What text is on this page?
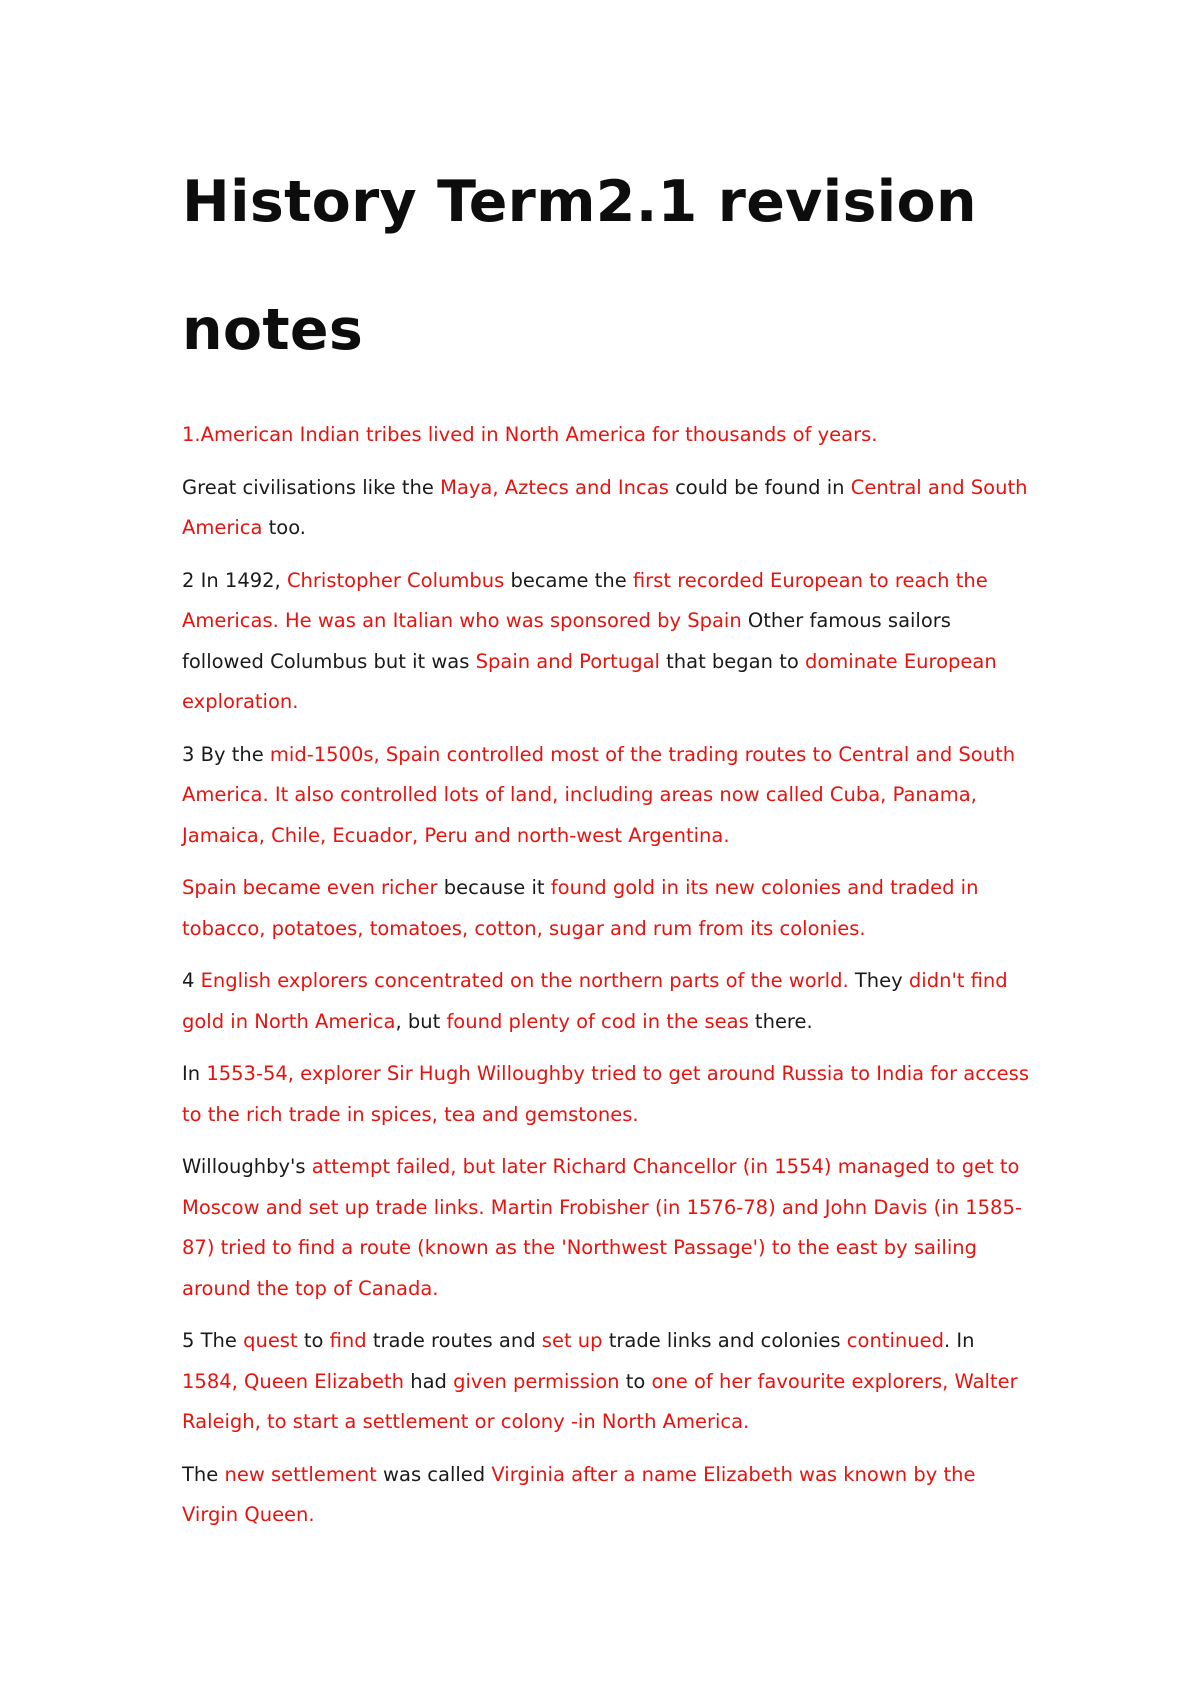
History Term2.1 revision notes

1.American Indian tribes lived in North America for thousands of years.

Great civilisations like the Maya, Aztecs and Incas could be found in Central and South America too.

2 In 1492, Christopher Columbus became the first recorded European to reach the Americas. He was an Italian who was sponsored by Spain Other famous sailors followed Columbus but it was Spain and Portugal that began to dominate European exploration.

3 By the mid-1500s, Spain controlled most of the trading routes to Central and South America. It also controlled lots of land, including areas now called Cuba, Panama, Jamaica, Chile, Ecuador, Peru and north-west Argentina.

Spain became even richer because it found gold in its new colonies and traded in tobacco, potatoes, tomatoes, cotton, sugar and rum from its colonies.

4 English explorers concentrated on the northern parts of the world. They didn't find gold in North America, but found plenty of cod in the seas there.

In 1553-54, explorer Sir Hugh Willoughby tried to get around Russia to India for access to the rich trade in spices, tea and gemstones.

Willoughby's attempt failed, but later Richard Chancellor (in 1554) managed to get to Moscow and set up trade links. Martin Frobisher (in 1576-78) and John Davis (in 1585-87) tried to find a route (known as the 'Northwest Passage') to the east by sailing around the top of Canada.

5 The quest to find trade routes and set up trade links and colonies continued. In 1584, Queen Elizabeth had given permission to one of her favourite explorers, Walter Raleigh, to start a settlement or colony -in North America.

The new settlement was called Virginia after a name Elizabeth was known by the Virgin Queen.
